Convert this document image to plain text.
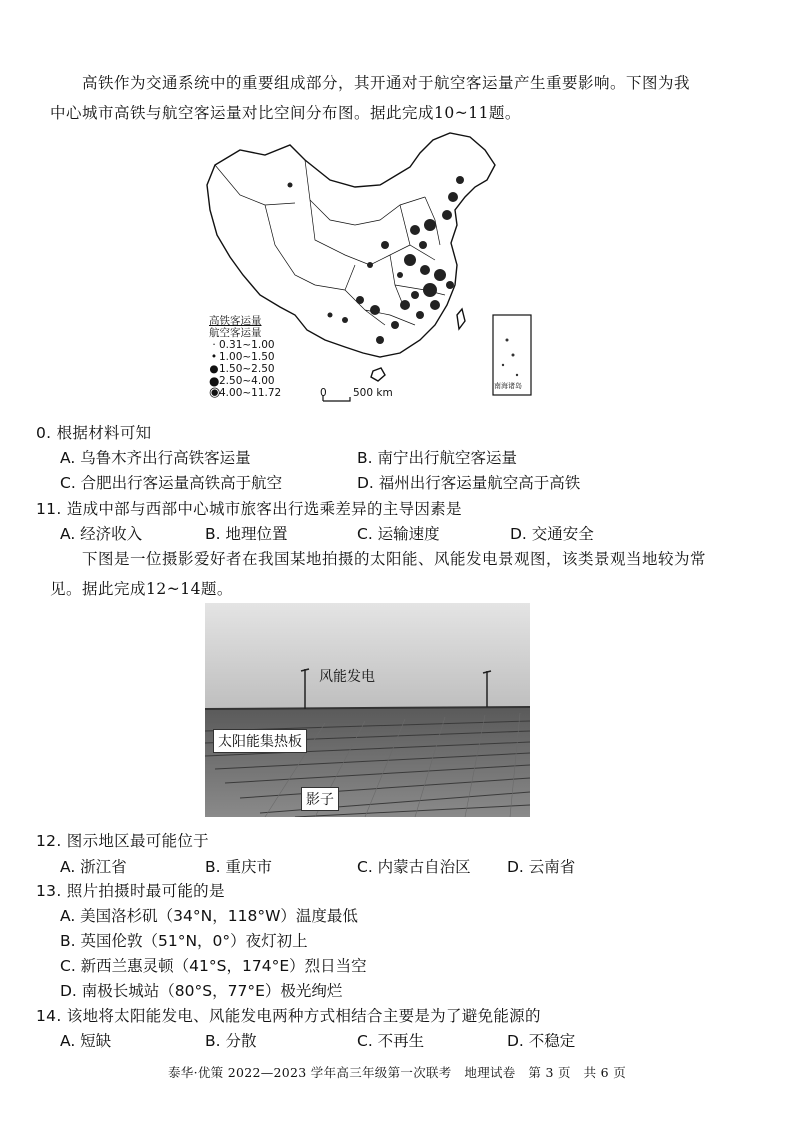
高铁作为交通系统中的重要组成部分，其开通对于航空客运量产生重要影响。下图为我
中心城市高铁与航空客运量对比空间分布图。据此完成10~11题。
高铁客运量
航空客运量
· 0.31~1.00
• 1.00~1.50
● 1.50~2.50
● 2.50~4.00
◉
4.00~11.72	0	500 km
南海诸岛
0. 根据材料可知
A. 乌鲁木齐出行高铁客运量	B. 南宁出行航空客运量
C. 合肥出行客运量高铁高于航空	D. 福州出行客运量航空高于高铁
11. 造成中部与西部中心城市旅客出行选乘差异的主导因素是
A. 经济收入	B. 地理位置	C. 运输速度	D. 交通安全
下图是一位摄影爱好者在我国某地拍摄的太阳能、风能发电景观图，该类景观当地较为常
见。据此完成12~14题。
风能发电
太阳能集热板
影子
12. 图示地区最可能位于
A. 浙江省	B. 重庆市	C. 内蒙古自治区 D. 云南省
13. 照片拍摄时最可能的是
A. 美国洛杉矶（34°N，118°W）温度最低
B. 英国伦敦（51°N，0°）夜灯初上
C. 新西兰惠灵顿（41°S，174°E）烈日当空
D. 南极长城站（80°S，77°E）极光绚烂
14. 该地将太阳能发电、风能发电两种方式相结合主要是为了避免能源的
A. 短缺	B. 分散	C. 不再生	D. 不稳定
泰华·优策 2022—2023 学年高三年级第一次联考　地理试卷　第 3 页　共 6 页
